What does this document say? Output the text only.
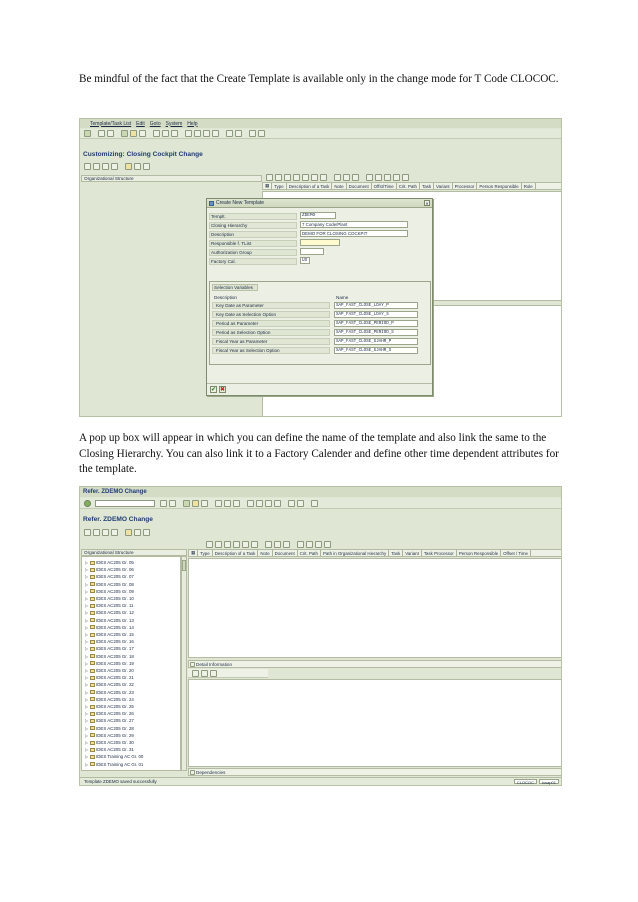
Be mindful of the fact that the Create Template is available only in the change mode for T Code CLOCOC.
Template/Task List Edit Goto System Help
Customizing: Closing Cockpit Change
Organizational Structure
▦	Type	Description of a Task	Note	Document	Offst/Time	Crit. Path	Task	Variant	Processor	Person Responsible	Role
Create New Template	✕
Templt.	ZDEMO
Closing Hierarchy	7 Company Code/Plant
Description	DEMO FOR CLOSING COCKPIT
Responsible f. TList
Authorization Group
Factory Cal.	US
Selection Variables
Description	Name
Key Date as Parameter	SAP_FAST_CLOSE_LDAY_P
Key Date as Selection Option	SAP_FAST_CLOSE_LDAY_S
Period as Parameter	SAP_FAST_CLOSE_PERIOD_P
Period as Selection Option	SAP_FAST_CLOSE_PERIOD_S
Fiscal Year as Parameter	SAP_FAST_CLOSE_GJAHR_P
Fiscal Year as Selection Option	SAP_FAST_CLOSE_GJAHR_S
✔ ✖
A pop up box will appear in which you can define the name of the template and also link the same to the Closing Hierarchy. You can also link it to a Factory Calender and define other time dependent attributes for the template.
Refer. ZDEMO Change
Refer. ZDEMO Change
Organizational Structure	▦	Type	Description of a Task	Note	Document	Crit. Path	Path in Organizational Hierarchy	Task	Variant	Task Processor	Person Responsible	Offset / Time
▷ IDES AC205 Gr. 05
▷ IDES AC205 Gr. 06
▷ IDES AC205 Gr. 07
▷ IDES AC205 Gr. 08
▷ IDES AC205 Gr. 09
▷ IDES AC205 Gr. 10
▷ IDES AC205 Gr. 11
▷ IDES AC205 Gr. 12
▷ IDES AC205 Gr. 13
▷ IDES AC205 Gr. 14
▷ IDES AC205 Gr. 15
▷ IDES AC205 Gr. 16
▷ IDES AC205 Gr. 17
▷ IDES AC205 Gr. 18
▷ IDES AC205 Gr. 19
▷ IDES AC205 Gr. 20
▷ IDES AC205 Gr. 21
▷ IDES AC205 Gr. 22
▷ IDES AC205 Gr. 23
▷ IDES AC205 Gr. 24
▷ IDES AC205 Gr. 25
▷ IDES AC205 Gr. 26
▷ IDES AC205 Gr. 27
▷ IDES AC205 Gr. 28
▷ IDES AC205 Gr. 29
▷ IDES AC205 Gr. 30
▷ IDES AC205 Gr. 31
▷ IDES Training AC Gr. 00
▷ IDES Training AC Gr. 01
Detail Information
Dependencies
Template ZDEMO saved successfully	CLOCOC	tvsap01
